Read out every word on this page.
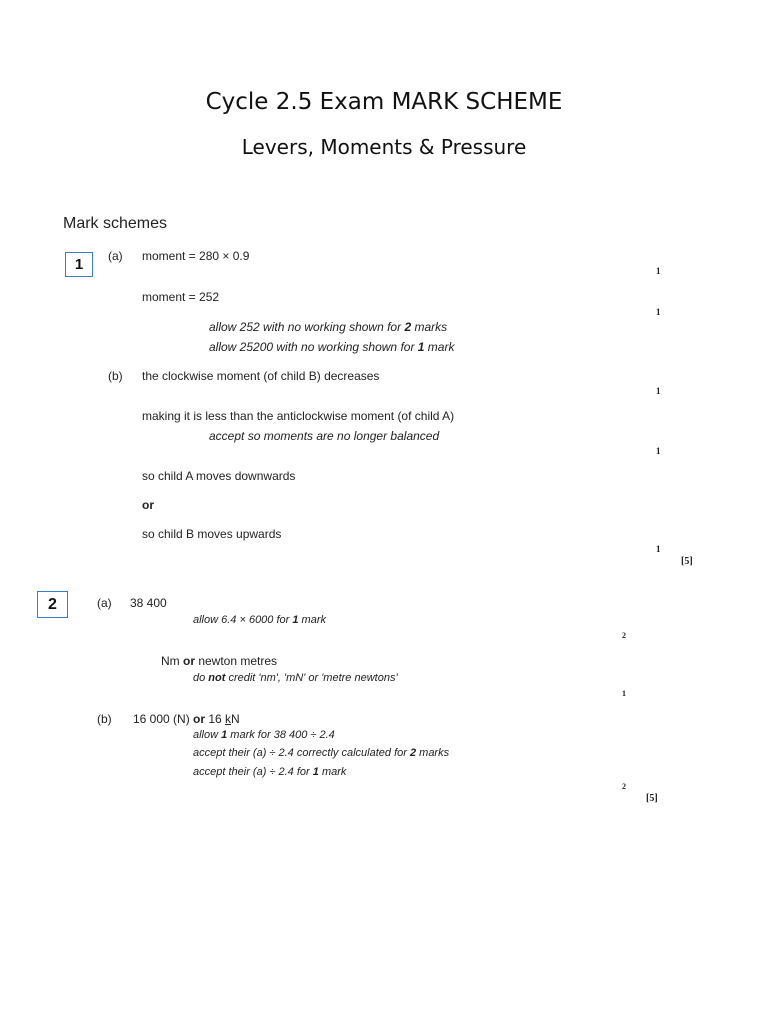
Cycle 2.5 Exam MARK SCHEME
Levers, Moments & Pressure
Mark schemes
1	(a) moment = 280 × 0.9
1
moment = 252
1
allow 252 with no working shown for 2 marks
allow 25200 with no working shown for 1 mark
(b) the clockwise moment (of child B) decreases
1
making it is less than the anticlockwise moment (of child A)
accept so moments are no longer balanced
1
so child A moves downwards
or
so child B moves upwards
1
[5]
2	(a) 38 400
allow 6.4 × 6000 for 1 mark
2
Nm or newton metres
do not credit 'nm', 'mN' or 'metre newtons'
1
(b) 16 000 (N) or 16 kN
allow 1 mark for 38 400 ÷ 2.4
accept their (a) ÷ 2.4 correctly calculated for 2 marks
accept their (a) ÷ 2.4 for 1 mark
2
[5]
